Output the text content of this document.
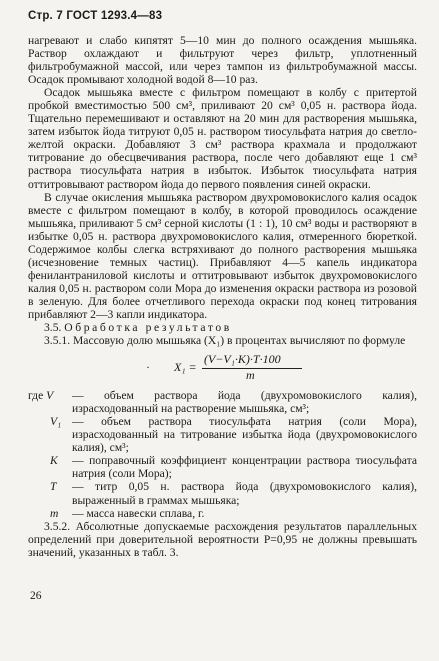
Стр. 7 ГОСТ 1293.4—83

нагревают и слабо кипятят 5—10 мин до полного осаждения мышьяка. Раствор охлаждают и фильтруют через фильтр, уплотненный фильтробумажной массой, или через тампон из фильтробумажной массы. Осадок промывают холодной водой 8—10 раз.

Осадок мышьяка вместе с фильтром помещают в колбу с притертой пробкой вместимостью 500 см³, приливают 20 см³ 0,05 н. раствора йода. Тщательно перемешивают и оставляют на 20 мин для растворения мышьяка, затем избыток йода титруют 0,05 н. раствором тиосульфата натрия до светло-желтой окраски. Добавляют 3 см³ раствора крахмала и продолжают титрование до обесцвечивания раствора, после чего добавляют еще 1 см³ раствора тиосульфата натрия в избыток. Избыток тиосульфата натрия оттитровывают раствором йода до первого появления синей окраски.

В случае окисления мышьяка раствором двухромовокислого калия осадок вместе с фильтром помещают в колбу, в которой проводилось осаждение мышьяка, приливают 5 см³ серной кислоты (1 : 1), 10 см³ воды и растворяют в избытке 0,05 н. раствора двухромовокислого калия, отмеренного бюреткой. Содержимое колбы слегка встряхивают до полного растворения мышьяка (исчезновение темных частиц). Прибавляют 4—5 капель индикатора фенилантраниловой кислоты и оттитровывают избыток двухромовокислого калия 0,05 н. раствором соли Мора до изменения окраски раствора из розовой в зеленую. Для более отчетливого перехода окраски под конец титрования прибавляют 2—3 капли индикатора.

3.5. Обработка результатов

3.5.1. Массовую долю мышьяка (X₁) в процентах вычисляют по формуле

· X₁ =
(V−V₁·K)·T·100
m
где V	— объем раствора йода (двухромовокислого калия), израсходованный на растворение мышьяка, см³;
V₁ — объем раствора тиосульфата натрия (соли Мора), израсходованный на титрование избытка йода (двухромовокислого калия), см³;
K	— поправочный коэффициент концентрации раствора тиосульфата натрия (соли Мора);
T	— титр 0,05 н. раствора йода (двухромовокислого калия), выраженный в граммах мышьяка;
m	— масса навески сплава, г.

3.5.2. Абсолютные допускаемые расхождения результатов параллельных определений при доверительной вероятности P=0,95 не должны превышать значений, указанных в табл. 3.

26
